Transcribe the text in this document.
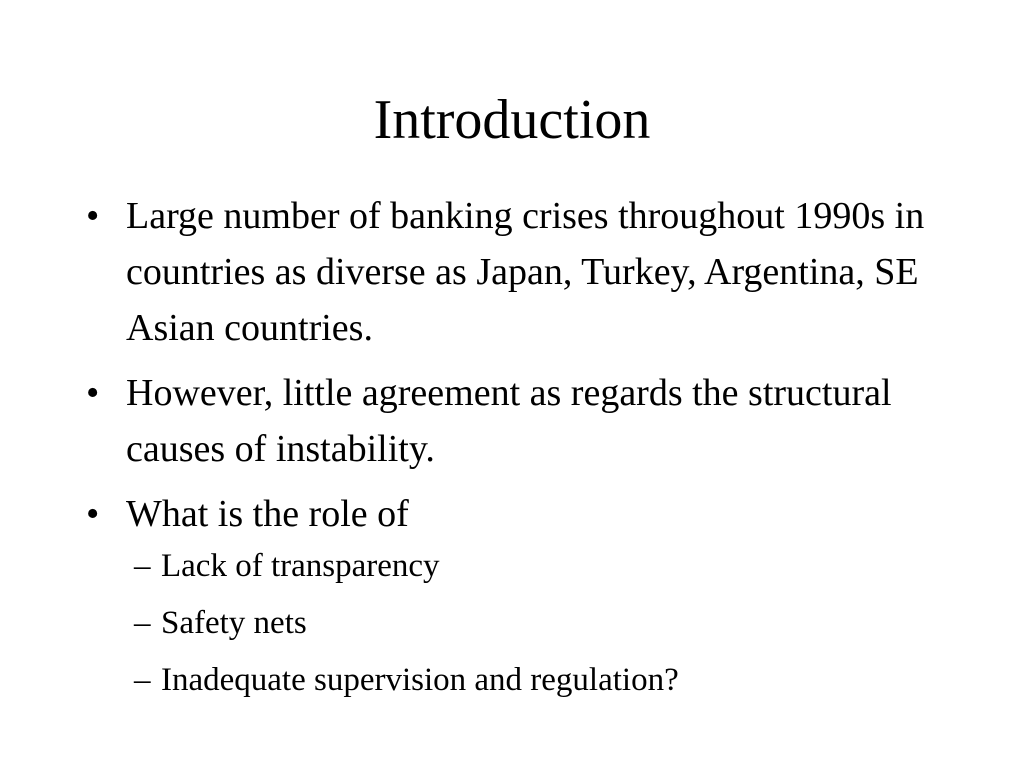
Introduction
• Large number of banking crises throughout 1990s in countries as diverse as Japan, Turkey, Argentina, SE Asian countries.
• However, little agreement as regards the structural causes of instability.
• What is the role of
– Lack of transparency
– Safety nets
– Inadequate supervision and regulation?
